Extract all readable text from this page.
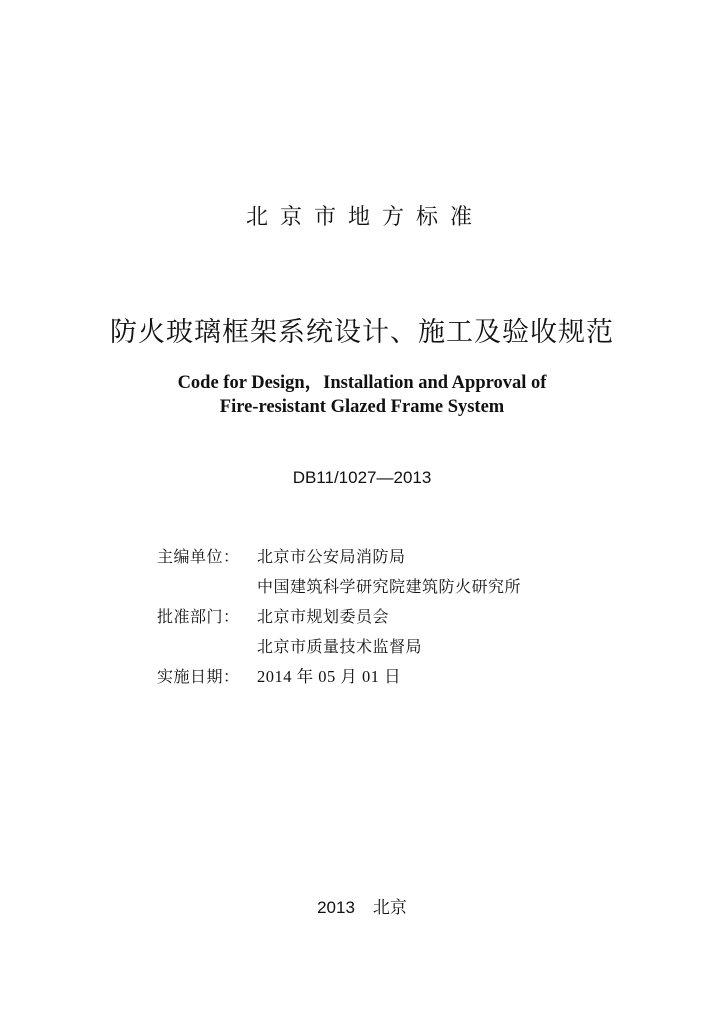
北京市地方标准
防火玻璃框架系统设计、施工及验收规范
Code for Design，Installation and Approval of
Fire-resistant Glazed Frame System
DB11/1027—2013
主编单位：	北京市公安局消防局
中国建筑科学研究院建筑防火研究所
批准部门：	北京市规划委员会
北京市质量技术监督局
实施日期：	2014 年 05 月 01 日
2013 北京
